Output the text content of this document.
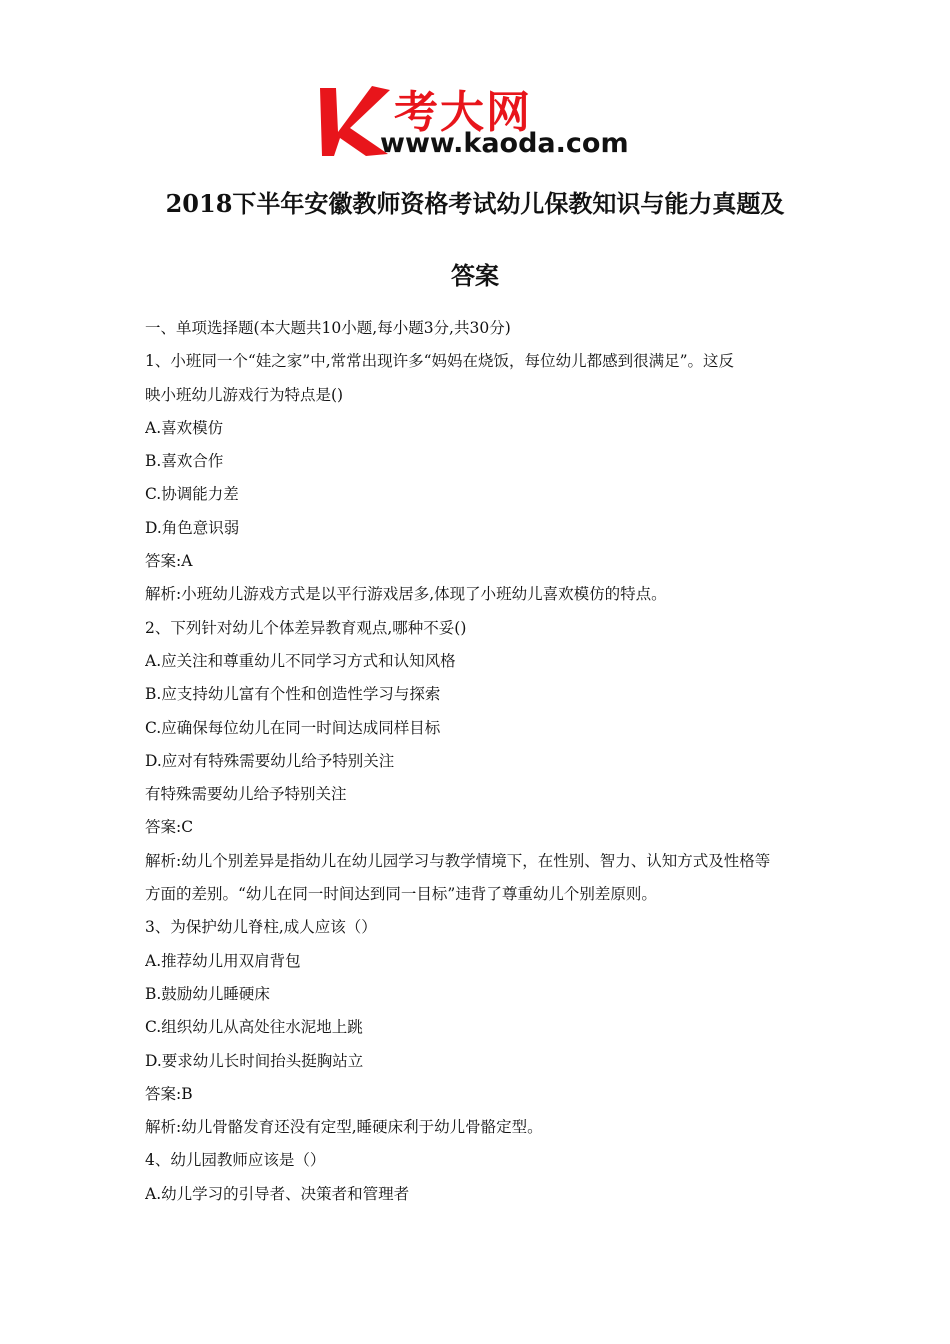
考大网
www.kaoda.com
2018下半年安徽教师资格考试幼儿保教知识与能力真题及
答案
一、单项选择题(本大题共10小题,每小题3分,共30分)
1、小班同一个“娃之家”中,常常出现许多“妈妈在烧饭，每位幼儿都感到很满足”。这反
映小班幼儿游戏行为特点是()
A.喜欢模仿
B.喜欢合作
C.协调能力差
D.角色意识弱
答案:A
解析:小班幼儿游戏方式是以平行游戏居多,体现了小班幼儿喜欢模仿的特点。
2、下列针对幼儿个体差异教育观点,哪种不妥()
A.应关注和尊重幼儿不同学习方式和认知风格
B.应支持幼儿富有个性和创造性学习与探索
C.应确保每位幼儿在同一时间达成同样目标
D.应对有特殊需要幼儿给予特别关注
有特殊需要幼儿给予特别关注
答案:C
解析:幼儿个别差异是指幼儿在幼儿园学习与教学情境下，在性别、智力、认知方式及性格等
方面的差别。“幼儿在同一时间达到同一目标”违背了尊重幼儿个别差原则。
3、为保护幼儿脊柱,成人应该（）
A.推荐幼儿用双肩背包
B.鼓励幼儿睡硬床
C.组织幼儿从高处往水泥地上跳
D.要求幼儿长时间抬头挺胸站立
答案:B
解析:幼儿骨骼发育还没有定型,睡硬床利于幼儿骨骼定型。
4、幼儿园教师应该是（）
A.幼儿学习的引导者、决策者和管理者
